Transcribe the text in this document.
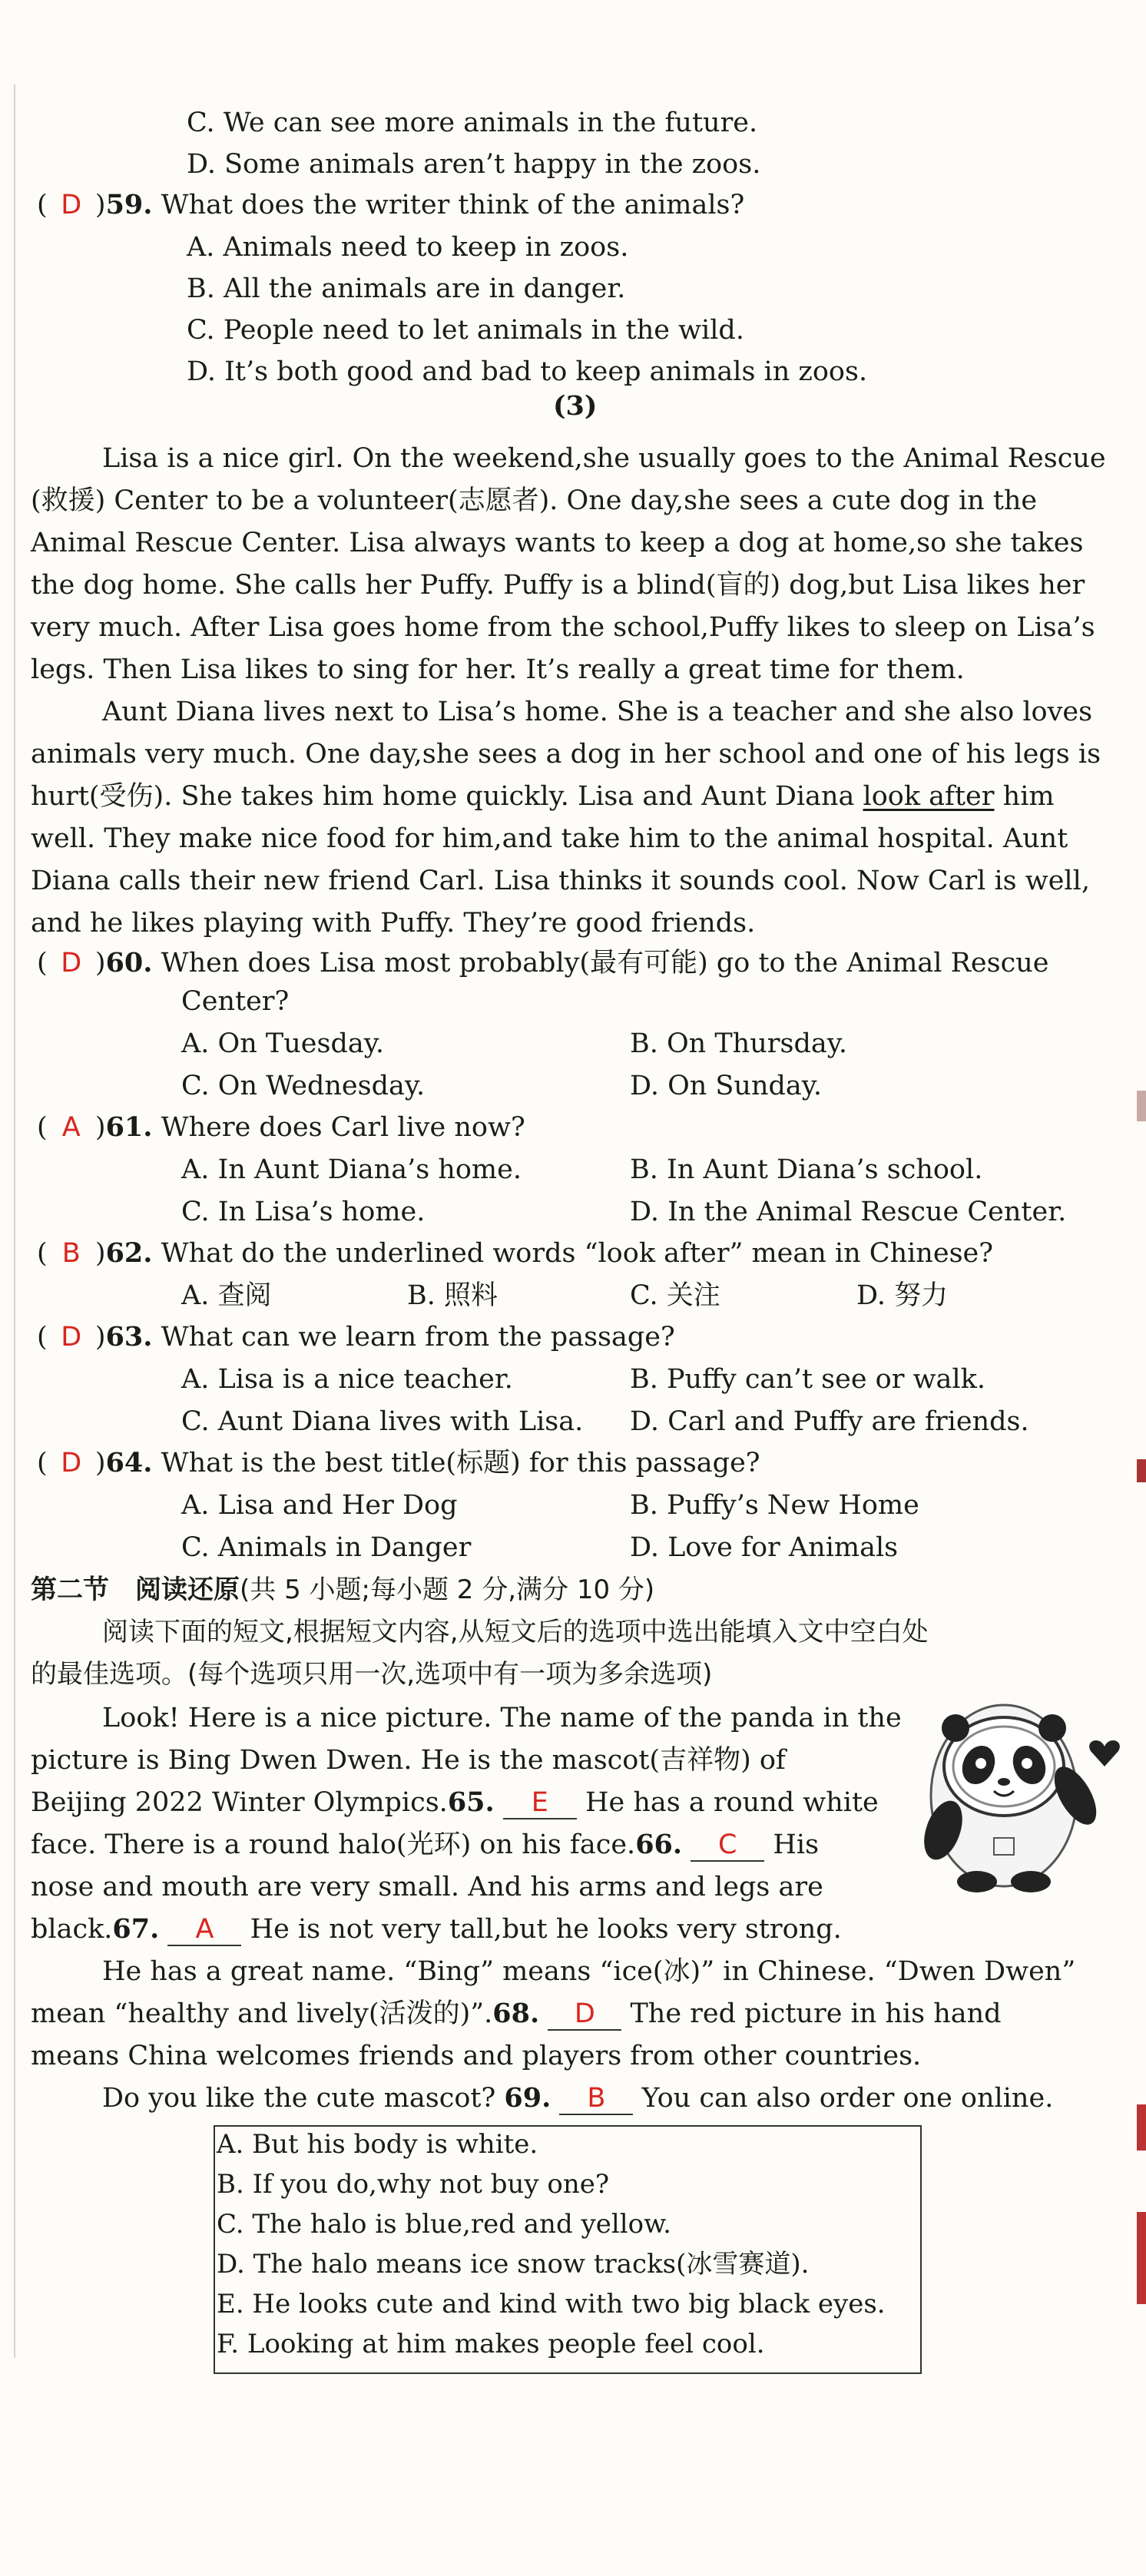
C. We can see more animals in the future.
D. Some animals aren’t happy in the zoos.
( D )59. What does the writer think of the animals?
A. Animals need to keep in zoos.
B. All the animals are in danger.
C. People need to let animals in the wild.
D. It’s both good and bad to keep animals in zoos.
(3)
Lisa is a nice girl. On the weekend,she usually goes to the Animal Rescue
(救援) Center to be a volunteer(志愿者). One day,she sees a cute dog in the
Animal Rescue Center. Lisa always wants to keep a dog at home,so she takes
the dog home. She calls her Puffy. Puffy is a blind(盲的) dog,but Lisa likes her
very much. After Lisa goes home from the school,Puffy likes to sleep on Lisa’s
legs. Then Lisa likes to sing for her. It’s really a great time for them.
Aunt Diana lives next to Lisa’s home. She is a teacher and she also loves
animals very much. One day,she sees a dog in her school and one of his legs is
hurt(受伤). She takes him home quickly. Lisa and Aunt Diana look after him
well. They make nice food for him,and take him to the animal hospital. Aunt
Diana calls their new friend Carl. Lisa thinks it sounds cool. Now Carl is well,
and he likes playing with Puffy. They’re good friends.
( D )60. When does Lisa most probably(最有可能) go to the Animal Rescue
Center?
A. On Tuesday.	B. On Thursday.
C. On Wednesday.	D. On Sunday.
( A )61. Where does Carl live now?
A. In Aunt Diana’s home.	B. In Aunt Diana’s school.
C. In Lisa’s home.	D. In the Animal Rescue Center.
( B )62. What do the underlined words “look after” mean in Chinese?
A. 查阅	B. 照料	C. 关注	D. 努力
( D )63. What can we learn from the passage?
A. Lisa is a nice teacher.	B. Puffy can’t see or walk.
C. Aunt Diana lives with Lisa. D. Carl and Puffy are friends.
( D )64. What is the best title(标题) for this passage?
A. Lisa and Her Dog	B. Puffy’s New Home
C. Animals in Danger	D. Love for Animals
第二节　阅读还原(共 5 小题;每小题 2 分,满分 10 分)
阅读下面的短文,根据短文内容,从短文后的选项中选出能填入文中空白处
的最佳选项。(每个选项只用一次,选项中有一项为多余选项)
Look! Here is a nice picture. The name of the panda in the
picture is Bing Dwen Dwen. He is the mascot(吉祥物) of
Beijing 2022 Winter Olympics.65. E He has a round white
face. There is a round halo(光环) on his face.66. C His
nose and mouth are very small. And his arms and legs are
black.67. A He is not very tall,but he looks very strong.
He has a great name. “Bing” means “ice(冰)” in Chinese. “Dwen Dwen”
mean “healthy and lively(活泼的)”.68. D The red picture in his hand
means China welcomes friends and players from other countries.
Do you like the cute mascot? 69. B You can also order one online.
A. But his body is white.
B. If you do,why not buy one?
C. The halo is blue,red and yellow.
D. The halo means ice snow tracks(冰雪赛道).
E. He looks cute and kind with two big black eyes.
F. Looking at him makes people feel cool.
